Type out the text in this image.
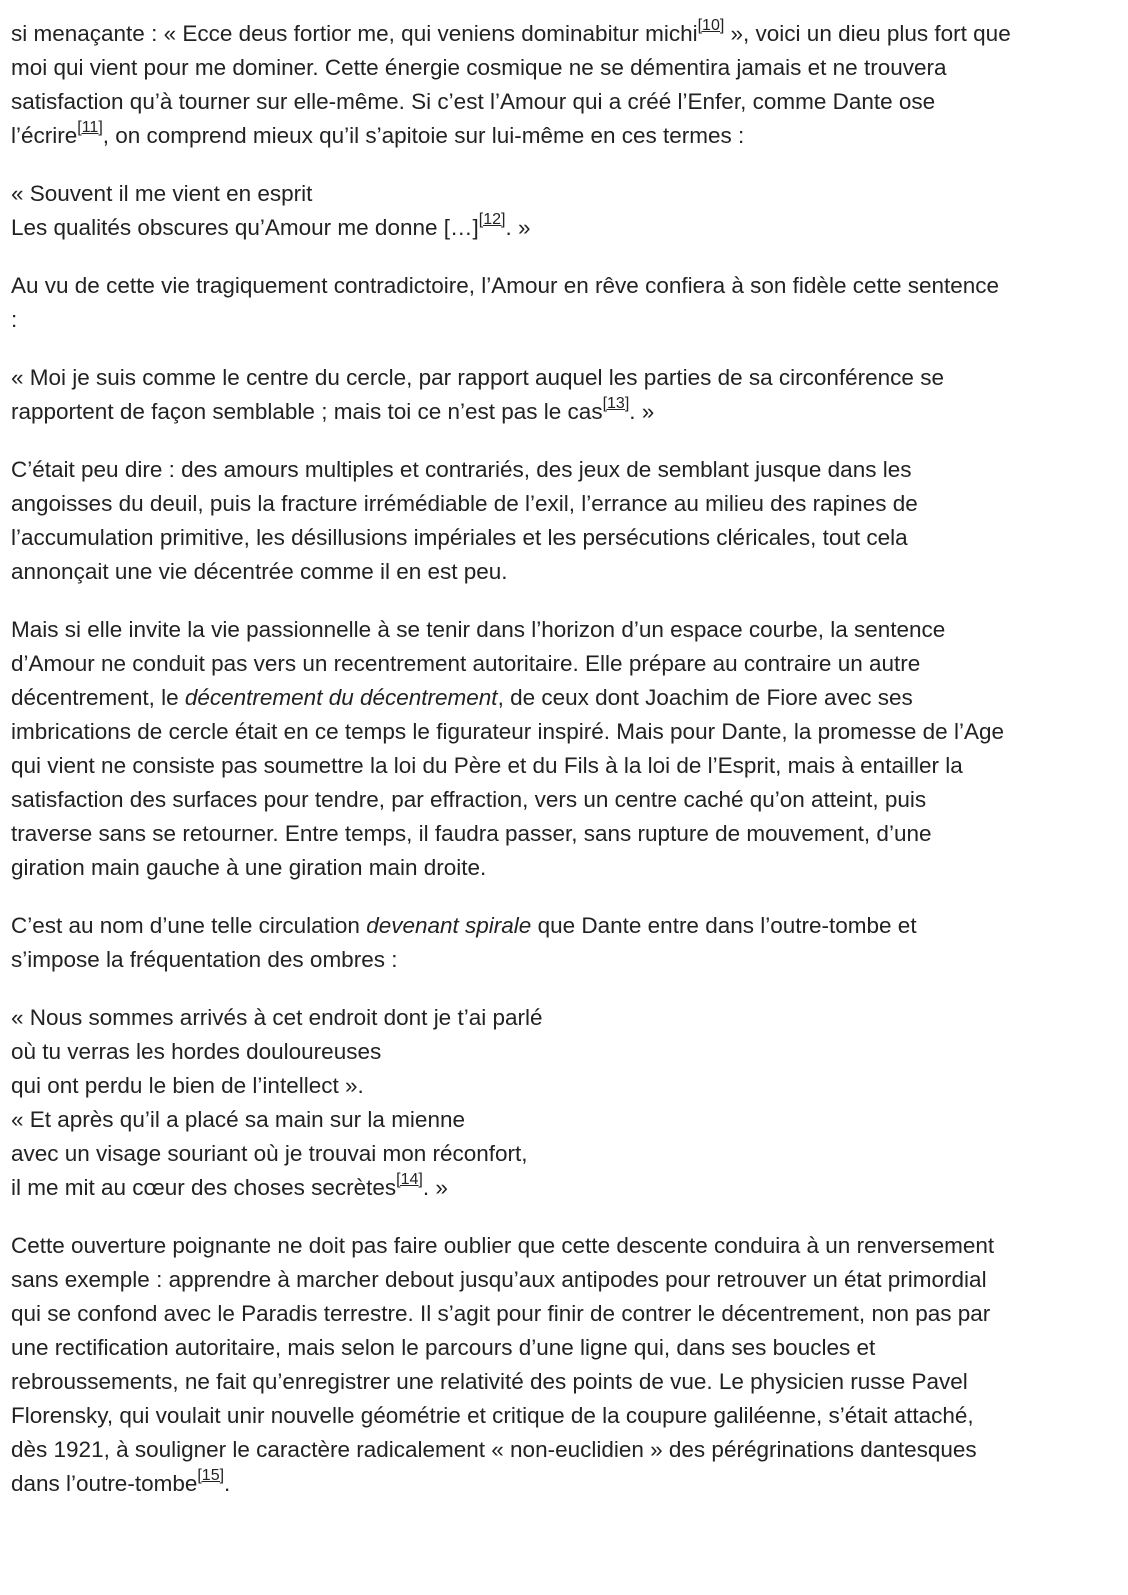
si menaçante : « Ecce deus fortior me, qui veniens dominabitur michi[10] », voici un dieu plus fort que moi qui vient pour me dominer. Cette énergie cosmique ne se démentira jamais et ne trouvera satisfaction qu’à tourner sur elle-même. Si c’est l’Amour qui a créé l’Enfer, comme Dante ose l’écrire[11], on comprend mieux qu’il s’apitoie sur lui-même en ces termes :

« Souvent il me vient en esprit
Les qualités obscures qu’Amour me donne […][12]. »

Au vu de cette vie tragiquement contradictoire, l’Amour en rêve confiera à son fidèle cette sentence :

« Moi je suis comme le centre du cercle, par rapport auquel les parties de sa circonférence se rapportent de façon semblable ; mais toi ce n’est pas le cas[13]. »

C’était peu dire : des amours multiples et contrariés, des jeux de semblant jusque dans les angoisses du deuil, puis la fracture irrémédiable de l’exil, l’errance au milieu des rapines de l’accumulation primitive, les désillusions impériales et les persécutions cléricales, tout cela annonçait une vie décentrée comme il en est peu.

Mais si elle invite la vie passionnelle à se tenir dans l’horizon d’un espace courbe, la sentence d’Amour ne conduit pas vers un recentrement autoritaire. Elle prépare au contraire un autre décentrement, le décentrement du décentrement, de ceux dont Joachim de Fiore avec ses imbrications de cercle était en ce temps le figurateur inspiré. Mais pour Dante, la promesse de l’Age qui vient ne consiste pas soumettre la loi du Père et du Fils à la loi de l’Esprit, mais à entailler la satisfaction des surfaces pour tendre, par effraction, vers un centre caché qu’on atteint, puis traverse sans se retourner. Entre temps, il faudra passer, sans rupture de mouvement, d’une giration main gauche à une giration main droite.

C’est au nom d’une telle circulation devenant spirale que Dante entre dans l’outre-tombe et s’impose la fréquentation des ombres :

« Nous sommes arrivés à cet endroit dont je t’ai parlé
où tu verras les hordes douloureuses
qui ont perdu le bien de l’intellect ».
« Et après qu’il a placé sa main sur la mienne
avec un visage souriant où je trouvai mon réconfort,
il me mit au cœur des choses secrètes[14]. »

Cette ouverture poignante ne doit pas faire oublier que cette descente conduira à un renversement sans exemple : apprendre à marcher debout jusqu’aux antipodes pour retrouver un état primordial qui se confond avec le Paradis terrestre. Il s’agit pour finir de contrer le décentrement, non pas par une rectification autoritaire, mais selon le parcours d’une ligne qui, dans ses boucles et rebroussements, ne fait qu’enregistrer une relativité des points de vue. Le physicien russe Pavel Florensky, qui voulait unir nouvelle géométrie et critique de la coupure galiléenne, s’était attaché, dès 1921, à souligner le caractère radicalement « non-euclidien » des pérégrinations dantesques dans l’outre-tombe[15].
